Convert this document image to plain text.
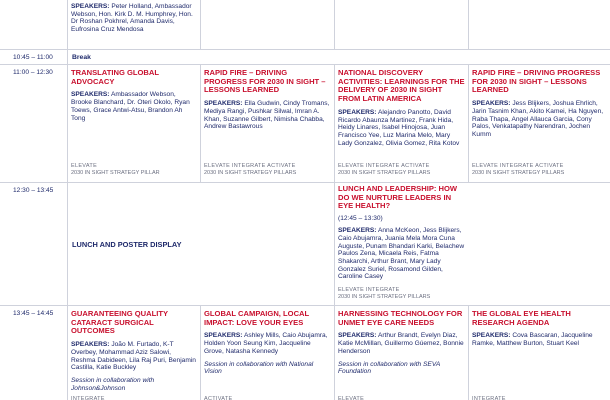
SPEAKERS: Peter Holland, Ambassador Webson, Hon. Kirk D. M. Humphrey, Hon. Dr Roshan Pokhrel, Amanda Davis, Eufrosina Cruz Mendosa
10:45 – 11:00	Break
11:00 – 12:30 TRANSLATING GLOBAL ADVOCACY

SPEAKERS: Ambassador Webson, Brooke Blanchard, Dr. Oteri Okolo, Ryan Toews, Grace Antwi-Atsu, Brandon Ah Tong
ELEVATE
2030 IN SIGHT STRATEGY PILLAR

RAPID FIRE – DRIVING PROGRESS FOR 2030 IN SIGHT – LESSONS LEARNED

SPEAKERS: Ella Gudwin, Cindy Tromans, Mediya Rangi, Pushkar Silwal, Imran A. Khan, Suzanne Gilbert, Nimisha Chabba, Andrew Bastawrous
ELEVATE INTEGRATE ACTIVATE
2030 IN SIGHT STRATEGY PILLARS

NATIONAL DISCOVERY ACTIVITIES: LEARNINGS FOR THE DELIVERY OF 2030 IN SIGHT FROM LATIN AMERICA

SPEAKERS: Alejandro Panotto, David Ricardo Abaunza Martinez, Frank Hida, Heidy Linares, Isabel Hinojosa, Juan Francisco Yee, Luz Marina Melo, Mary Lady Gonzalez, Olivia Gomez, Rita Kotov
ELEVATE INTEGRATE ACTIVATE
2030 IN SIGHT STRATEGY PILLARS

RAPID FIRE – DRIVING PROGRESS FOR 2030 IN SIGHT – LESSONS LEARNED

SPEAKERS: Jess Blijkers, Joshua Ehrlich, Jarin Tasnim Khan, Akito Kamei, Ha Nguyen, Raba Thapa, Angel Allauca Garcia, Cony Palos, Venkatapathy Narendran, Jochen Kumm
ELEVATE INTEGRATE ACTIVATE
2030 IN SIGHT STRATEGY PILLARS
12:30 – 13:45
LUNCH AND POSTER DISPLAY

LUNCH AND LEADERSHIP: HOW DO WE NURTURE LEADERS IN EYE HEALTH?

(12:45 – 13:30)
SPEAKERS: Anna McKeon, Jess Blijkers, Caio Abujamra, Juania Mela Mora Cuna Auguste, Punam Bhandari Karki, Belachew Paulos Zena, Micaela Reis, Fatma Shakarchi, Arthur Brant, Mary Lady Gonzalez Suriel, Rosamond Gilden, Caroline Casey
ELEVATE INTEGRATE
2030 IN SIGHT STRATEGY PILLARS
13:45 – 14:45 GUARANTEEING QUALITY CATARACT SURGICAL OUTCOMES

SPEAKERS: João M. Furtado, K-T Overbey, Mohammad Aziz Salowi, Reshma Dabideen, Lila Raj Puri, Benjamin Castilla, Katie Buckley
Session in collaboration with Johnson&Johnson
INTEGRATE

GLOBAL CAMPAIGN, LOCAL IMPACT: LOVE YOUR EYES

SPEAKERS: Ashley Mills, Caio Abujamra, Holden Yoon Seung Kim, Jacqueline Grove, Natasha Kennedy
Session in collaboration with National Vision
ACTIVATE

HARNESSING TECHNOLOGY FOR UNMET EYE CARE NEEDS

SPEAKERS: Arthur Brandt, Evelyn Diaz, Katie McMillan, Guillermo Gúemez, Bonnie Henderson
Session in collaboration with SEVA Foundation
ELEVATE

THE GLOBAL EYE HEALTH RESEARCH AGENDA

SPEAKERS: Cova Bascaran, Jacqueline Ramke, Matthew Burton, Stuart Keel
INTEGRATE
